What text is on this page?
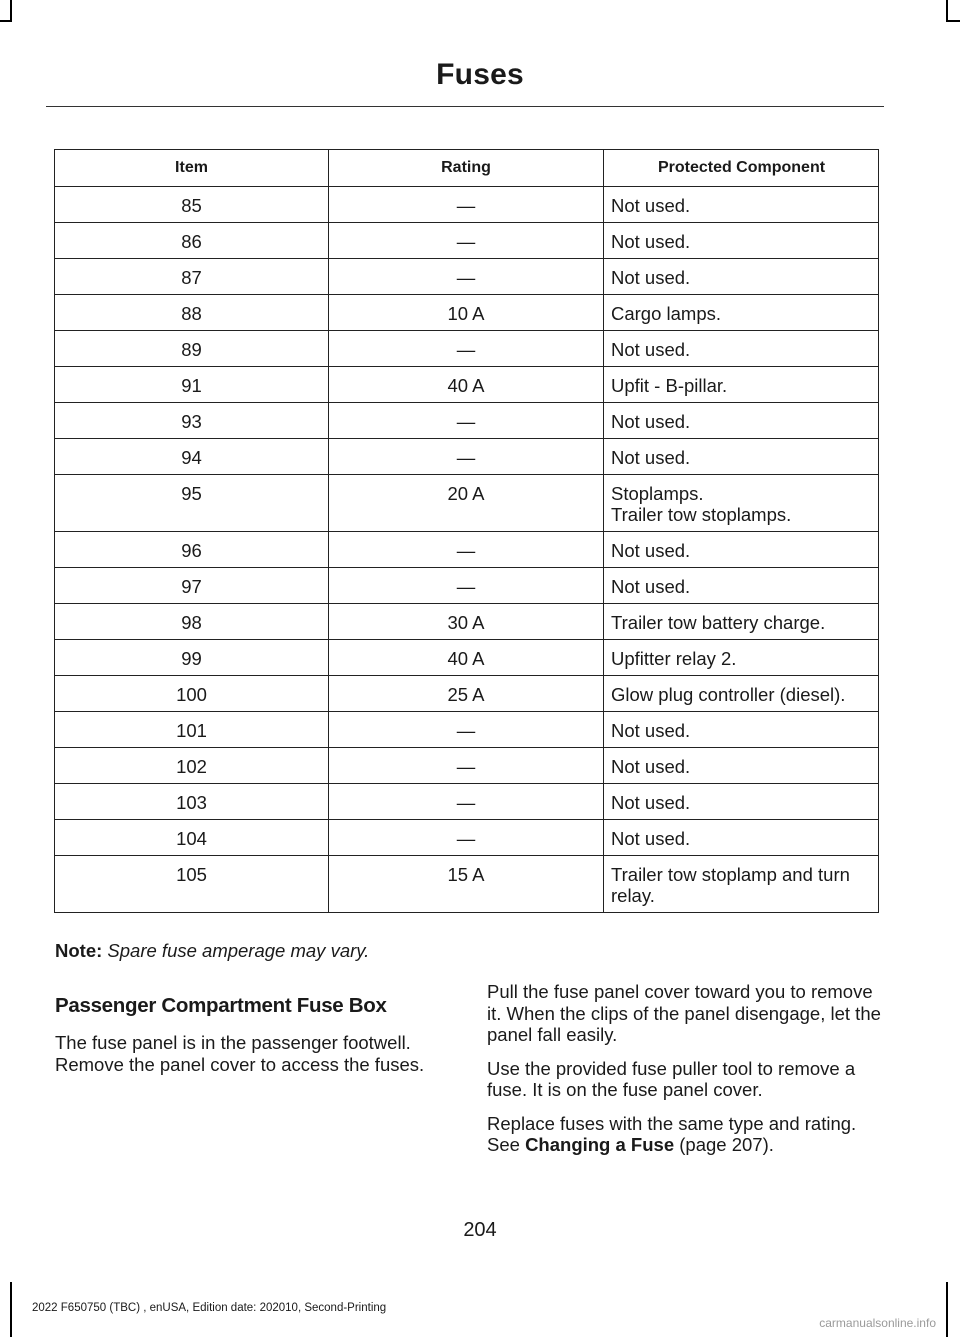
Fuses
Item	Rating	Protected Component
85	—	Not used.

86	—	Not used.

87	—	Not used.

88	10 A	Cargo lamps.

89	—	Not used.

91	40 A	Upfit - B-pillar.

93	—	Not used.

94	—	Not used.

95	20 A	Stoplamps.
Trailer tow stoplamps.

96	—	Not used.

97	—	Not used.

98	30 A	Trailer tow battery charge.

99	40 A	Upfitter relay 2.

100	25 A	Glow plug controller (diesel).

101	—	Not used.

102	—	Not used.

103	—	Not used.

104	—	Not used.

105	15 A	Trailer tow stoplamp and turn relay.
Note: Spare fuse amperage may vary.
Passenger Compartment Fuse Box

The fuse panel is in the passenger footwell. Remove the panel cover to access the fuses.

Pull the fuse panel cover toward you to remove it. When the clips of the panel disengage, let the panel fall easily.

Use the provided fuse puller tool to remove a fuse. It is on the fuse panel cover.

Replace fuses with the same type and rating. See Changing a Fuse (page 207).

204
2022 F650750 (TBC) , enUSA, Edition date: 202010, Second-Printing
carmanualsonline.info
